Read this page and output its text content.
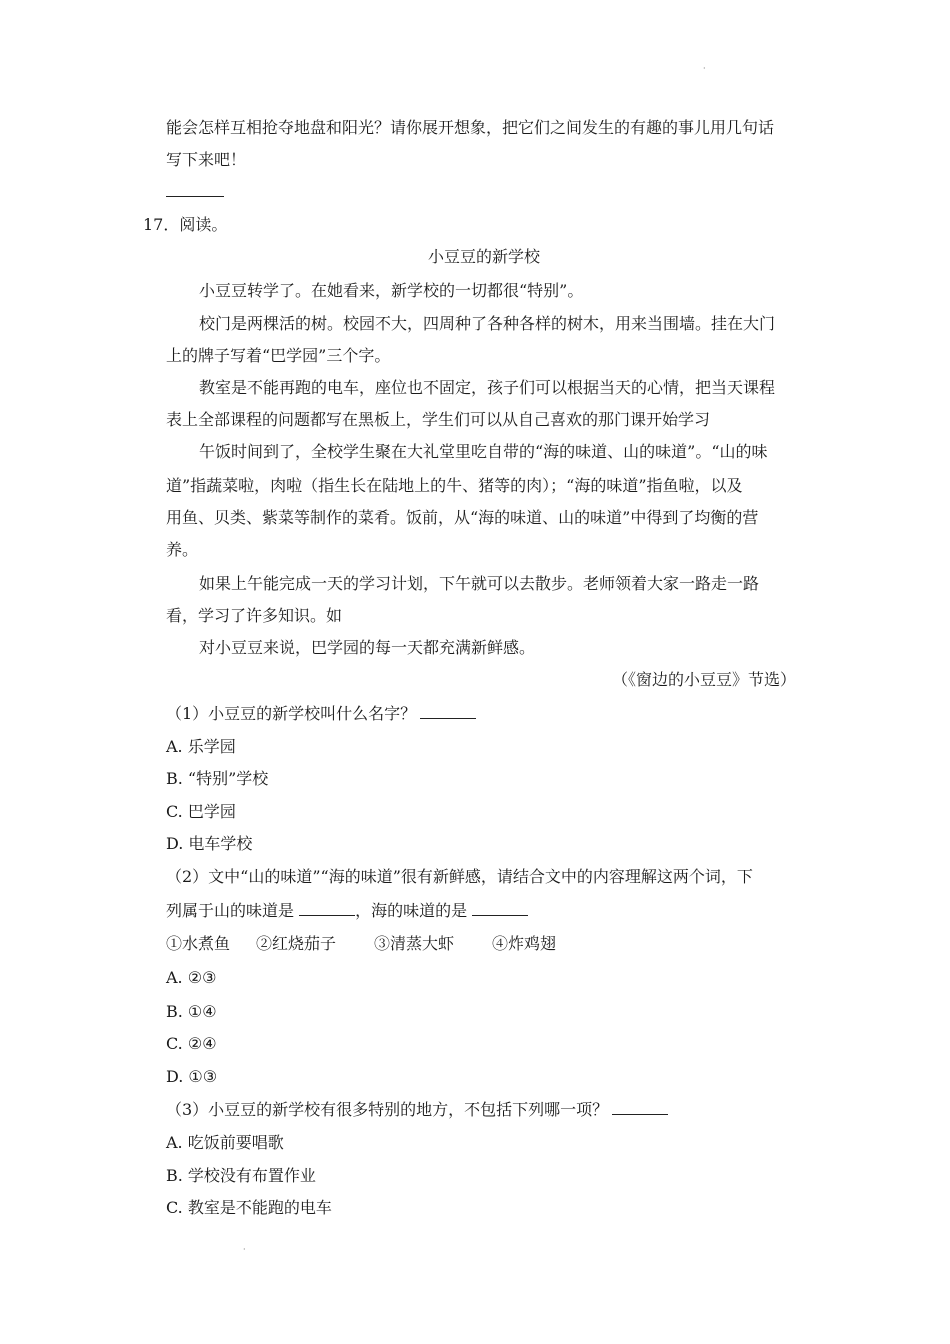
·
能会怎样互相抢夺地盘和阳光？请你展开想象，把它们之间发生的有趣的事儿用几句话
写下来吧！
17．阅读。
小豆豆的新学校
小豆豆转学了。在她看来，新学校的一切都很“特别”。
校门是两棵活的树。校园不大，四周种了各种各样的树木，用来当围墙。挂在大门
上的牌子写着“巴学园”三个字。
教室是不能再跑的电车，座位也不固定，孩子们可以根据当天的心情，把当天课程
表上全部课程的问题都写在黑板上，学生们可以从自己喜欢的那门课开始学习
午饭时间到了，全校学生聚在大礼堂里吃自带的“海的味道、山的味道”。“山的味
道”指蔬菜啦，肉啦（指生长在陆地上的牛、猪等的肉）；“海的味道”指鱼啦，以及
用鱼、贝类、紫菜等制作的菜肴。饭前，从“海的味道、山的味道”中得到了均衡的营
养。
如果上午能完成一天的学习计划，下午就可以去散步。老师领着大家一路走一路
看，学习了许多知识。如
对小豆豆来说，巴学园的每一天都充满新鲜感。
（《窗边的小豆豆》节选）
（1）小豆豆的新学校叫什么名字？
A. 乐学园
B. “特别”学校
C. 巴学园
D. 电车学校
（2）文中“山的味道”“海的味道”很有新鲜感，请结合文中的内容理解这两个词，下
列属于山的味道是	，海的味道的是
①水煮鱼 ②红烧茄子 ③清蒸大虾 ④炸鸡翅
A. ②③
B. ①④
C. ②④
D. ①③
（3）小豆豆的新学校有很多特别的地方，不包括下列哪一项？
A. 吃饭前要唱歌
B. 学校没有布置作业
C. 教室是不能跑的电车
·
